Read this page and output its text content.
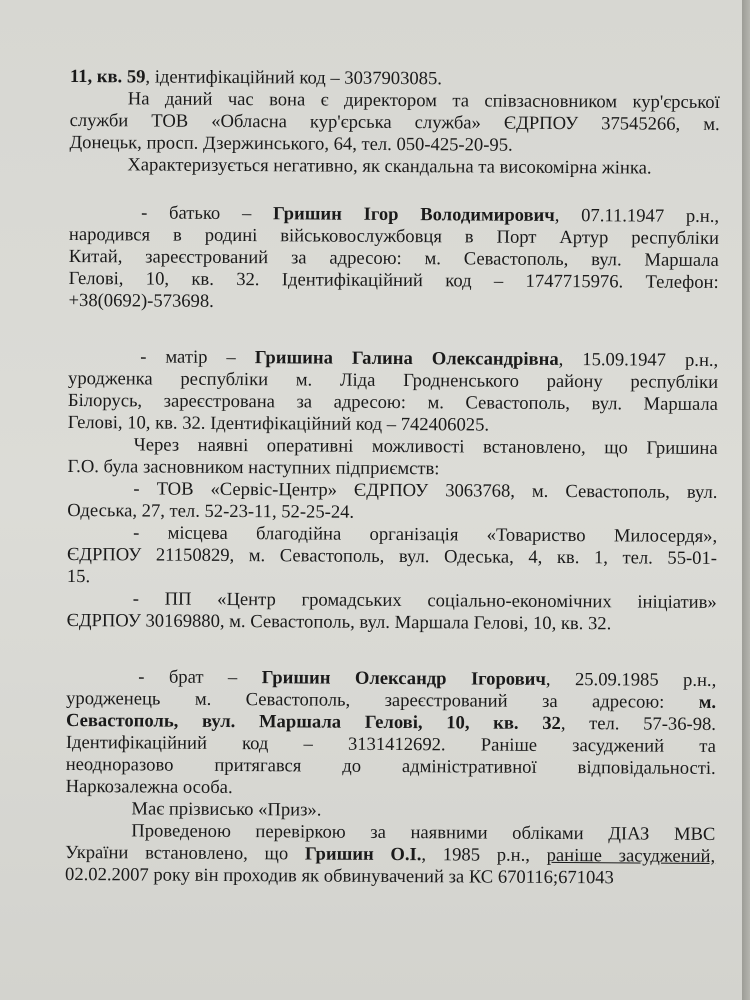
11, кв. 59, ідентифікаційний код – 3037903085.
На даний час вона є директором та співзасновником кур'єрської
служби ТОВ «Обласна кур'єрська служба» ЄДРПОУ 37545266, м.
Донецьк, просп. Дзержинського, 64, тел. 050-425-20-95.
Характеризується негативно, як скандальна та високомірна жінка.
- батько – Гришин Ігор Володимирович, 07.11.1947 р.н.,
народився в родині військовослужбовця в Порт Артур республіки
Китай, зареєстрований за адресою: м. Севастополь, вул. Маршала
Гелові, 10, кв. 32. Ідентифікаційний код – 1747715976. Телефон:
+38(0692)-573698.
- матір – Гришина Галина Олександрівна, 15.09.1947 р.н.,
уродженка республіки м. Ліда Гродненського району республіки
Білорусь, зареєстрована за адресою: м. Севастополь, вул. Маршала
Гелові, 10, кв. 32. Ідентифікаційний код – 742406025.
Через наявні оперативні можливості встановлено, що Гришина
Г.О. була засновником наступних підприємств:
- ТОВ «Сервіс-Центр» ЄДРПОУ 3063768, м. Севастополь, вул.
Одеська, 27, тел. 52-23-11, 52-25-24.
- місцева благодійна організація «Товариство Милосердя»,
ЄДРПОУ 21150829, м. Севастополь, вул. Одеська, 4, кв. 1, тел. 55-01-
15.
- ПП «Центр громадських соціально-економічних ініціатив»
ЄДРПОУ 30169880, м. Севастополь, вул. Маршала Гелові, 10, кв. 32.
- брат – Гришин Олександр Ігорович, 25.09.1985 р.н.,
уродженець м. Севастополь, зареєстрований за адресою: м.
Севастополь, вул. Маршала Гелові, 10, кв. 32, тел. 57-36-98.
Ідентифікаційний код – 3131412692. Раніше засуджений та
неодноразово притягався до адміністративної відповідальності.
Наркозалежна особа.
Має прізвисько «Приз».
Проведеною перевіркою за наявними обліками ДІАЗ МВС
України встановлено, що Гришин О.І., 1985 р.н., раніше засуджений,
02.02.2007 року він проходив як обвинувачений за КС 670116;671043
